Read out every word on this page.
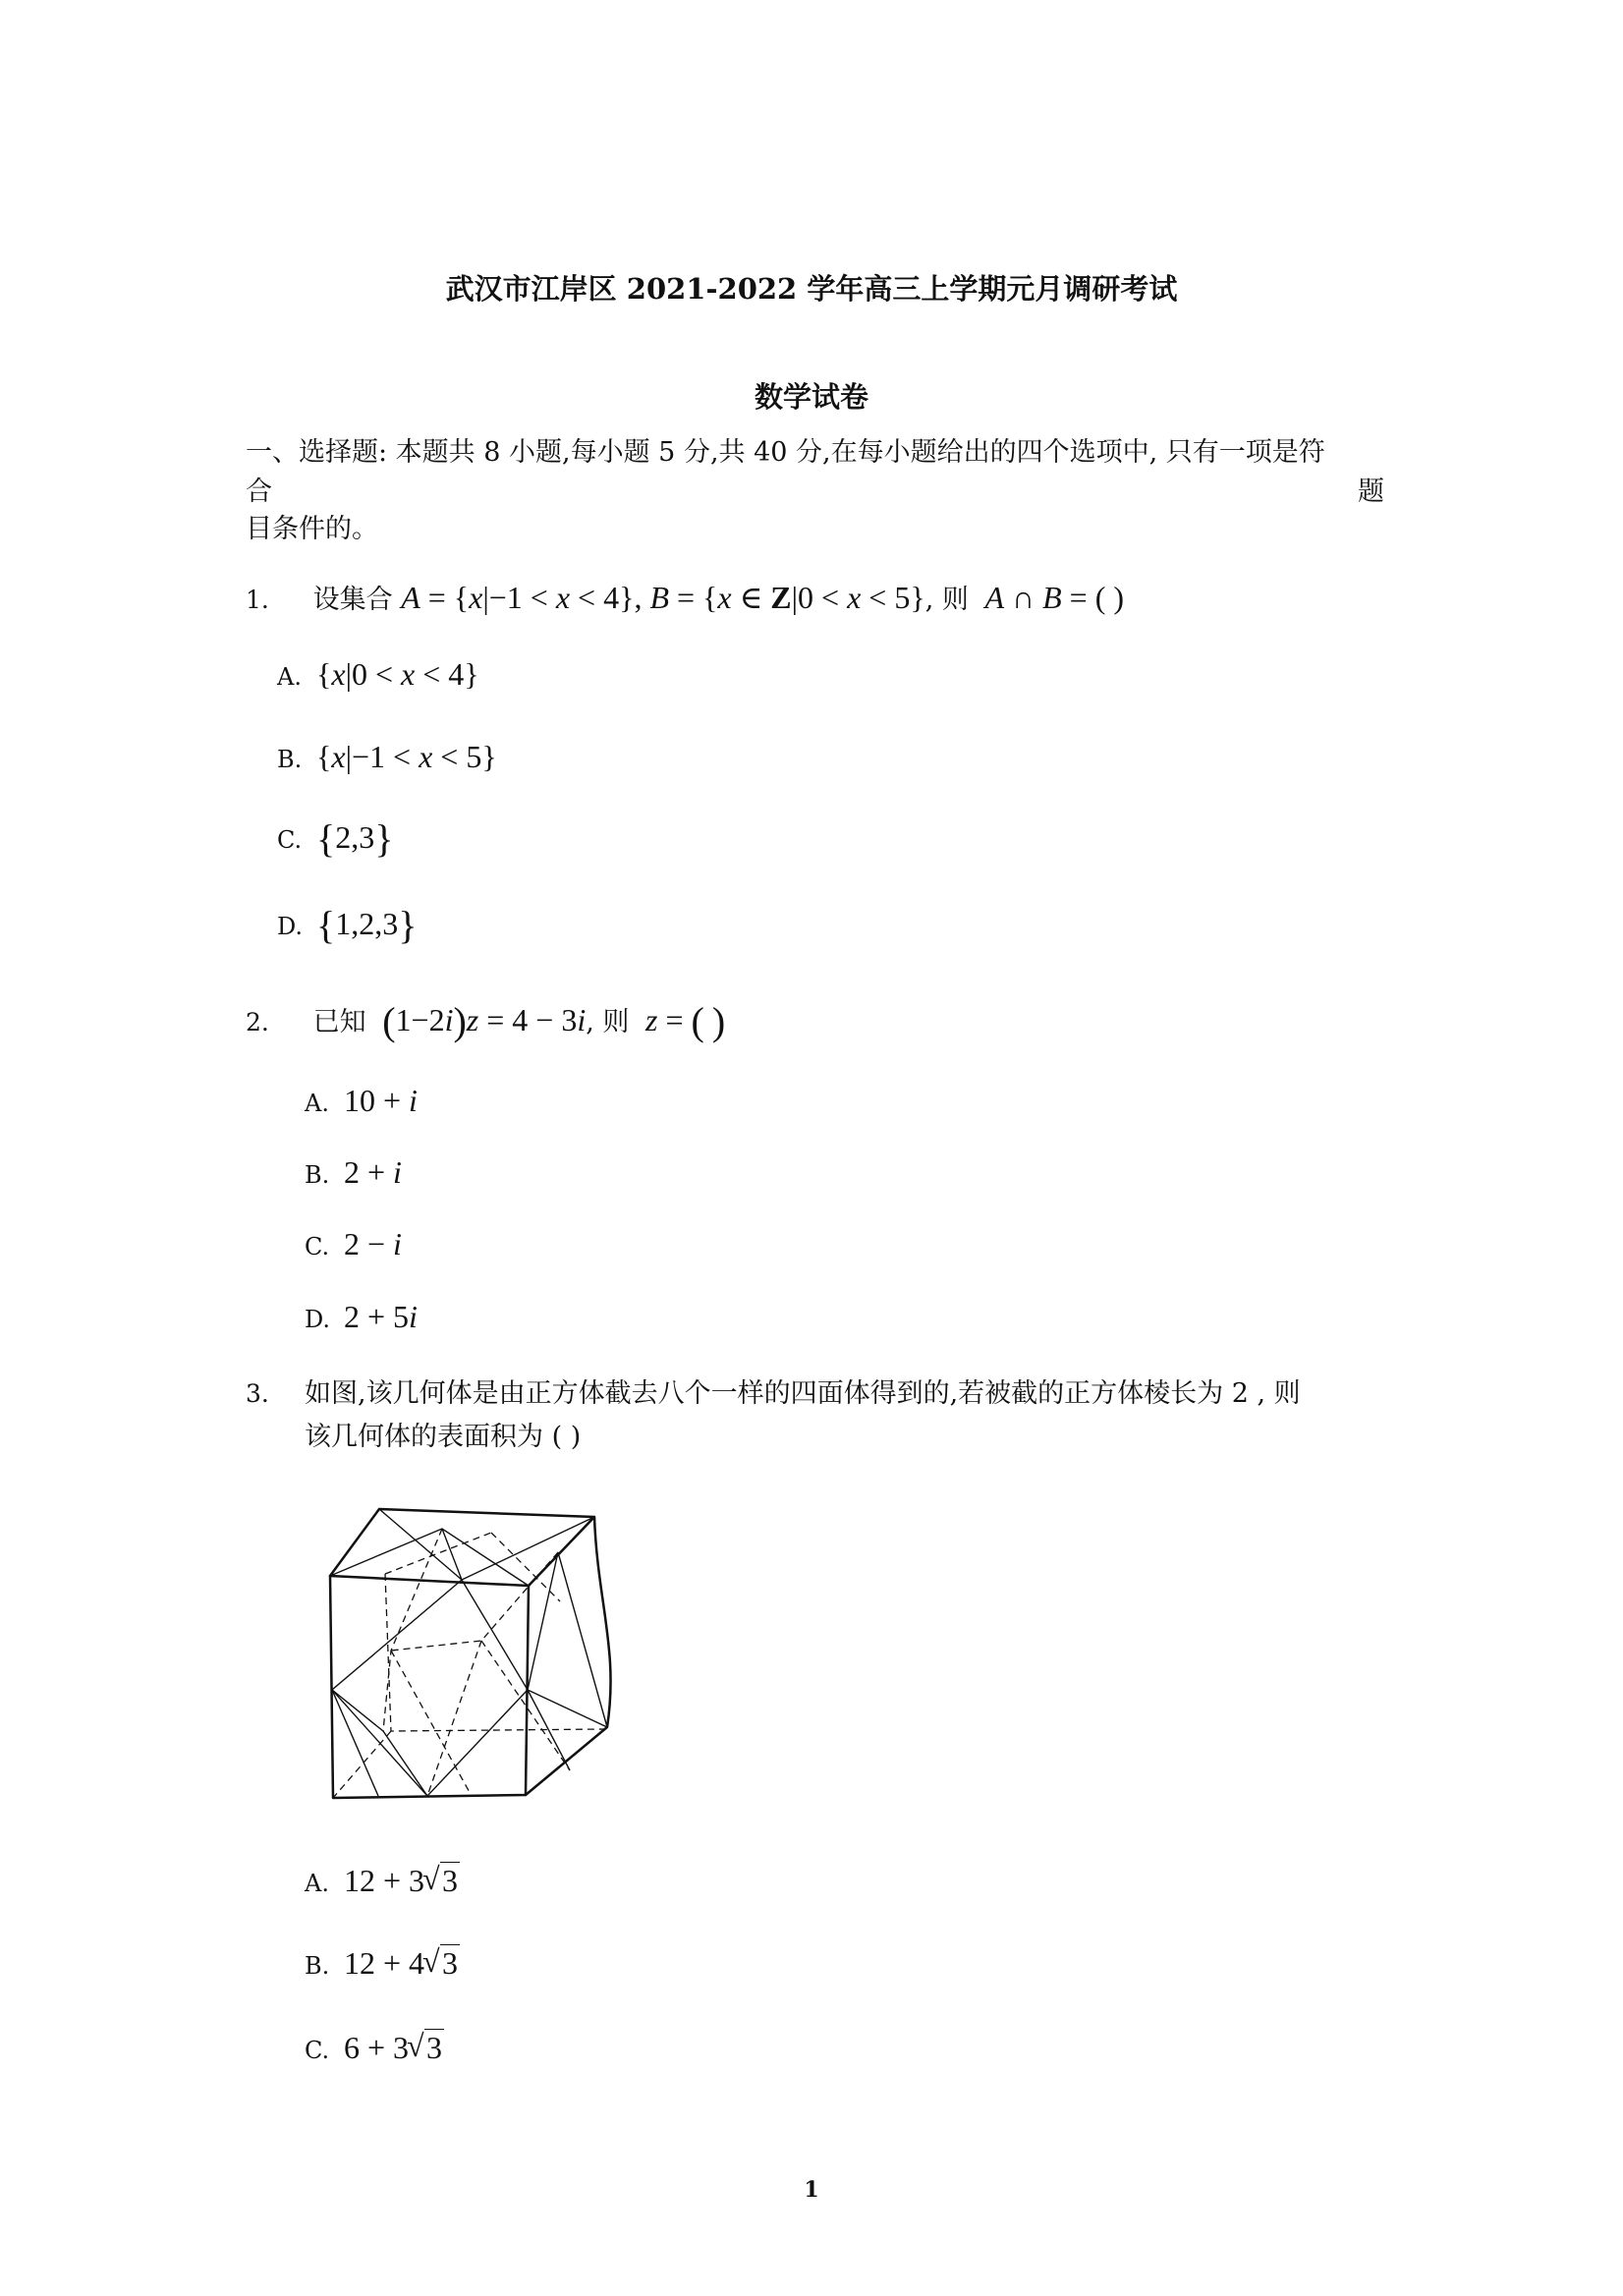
武汉市江岸区 2021-2022 学年高三上学期元月调研考试
数学试卷
一、选择题: 本题共 8 小题,每小题 5 分,共 40 分,在每小题给出的四个选项中, 只有一项是符
合	题
目条件的。
1. 设集合 A = {x|−1 < x < 4}, B = {x ∈ Z|0 < x < 5}, 则 A ∩ B = ( )
A. {x|0 < x < 4}
B. {x|−1 < x < 5}
C. {2,3}
D. {1,2,3}
2. 已知 (1−2i)z = 4 − 3i, 则 z = ( )
A. 10 + i
B. 2 + i
C. 2 − i
D. 2 + 5i
3. 如图,该几何体是由正方体截去八个一样的四面体得到的,若被截的正方体棱长为 2 , 则
该几何体的表面积为 ( )
A. 12 + 3 √ 3
B. 12 + 4 √ 3
C. 6 + 3 √ 3
1
